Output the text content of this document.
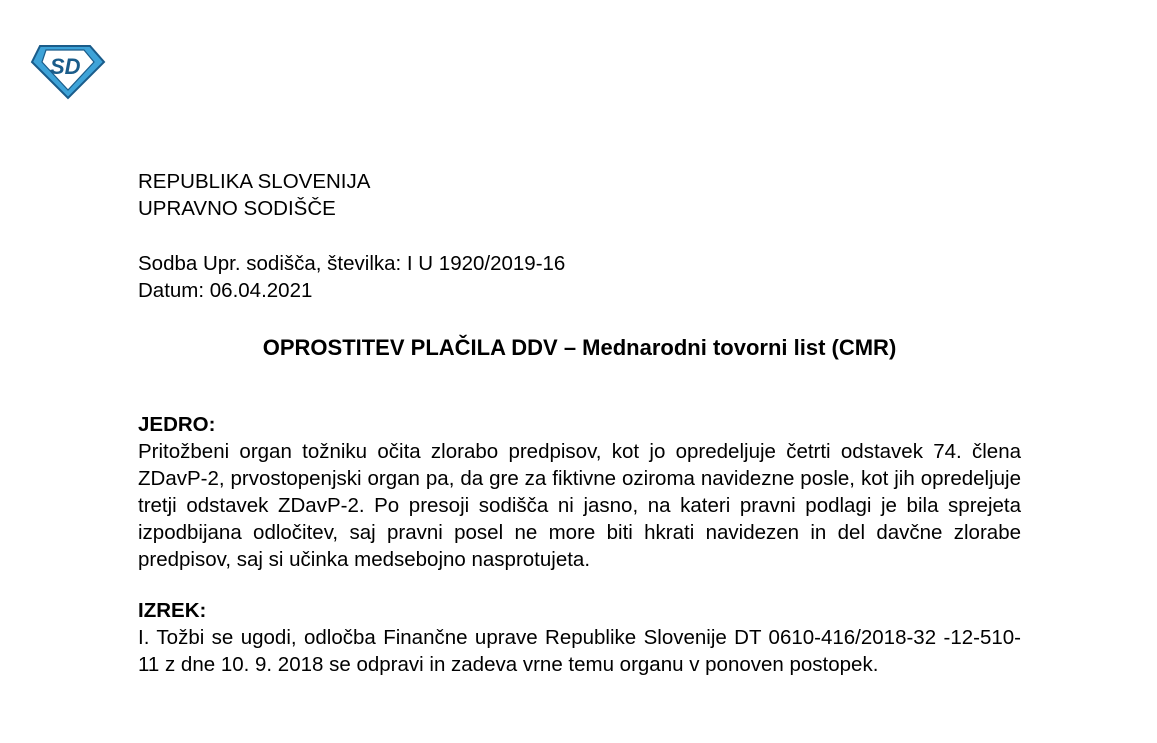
SD
REPUBLIKA SLOVENIJA
UPRAVNO SODIŠČE
Sodba Upr. sodišča, številka: I U 1920/2019-16
Datum: 06.04.2021
OPROSTITEV PLAČILA DDV – Mednarodni tovorni list (CMR)
JEDRO:
Pritožbeni organ tožniku očita zlorabo predpisov, kot jo opredeljuje četrti odstavek 74. člena ZDavP-2, prvostopenjski organ pa, da gre za fiktivne oziroma navidezne posle, kot jih opredeljuje tretji odstavek ZDavP-2. Po presoji sodišča ni jasno, na kateri pravni podlagi je bila sprejeta izpodbijana odločitev, saj pravni posel ne more biti hkrati navidezen in del davčne zlorabe predpisov, saj si učinka medsebojno nasprotujeta.
IZREK:
I. Tožbi se ugodi, odločba Finančne uprave Republike Slovenije DT 0610-416/2018-32 -12-510-11 z dne 10. 9. 2018 se odpravi in zadeva vrne temu organu v ponoven postopek.
